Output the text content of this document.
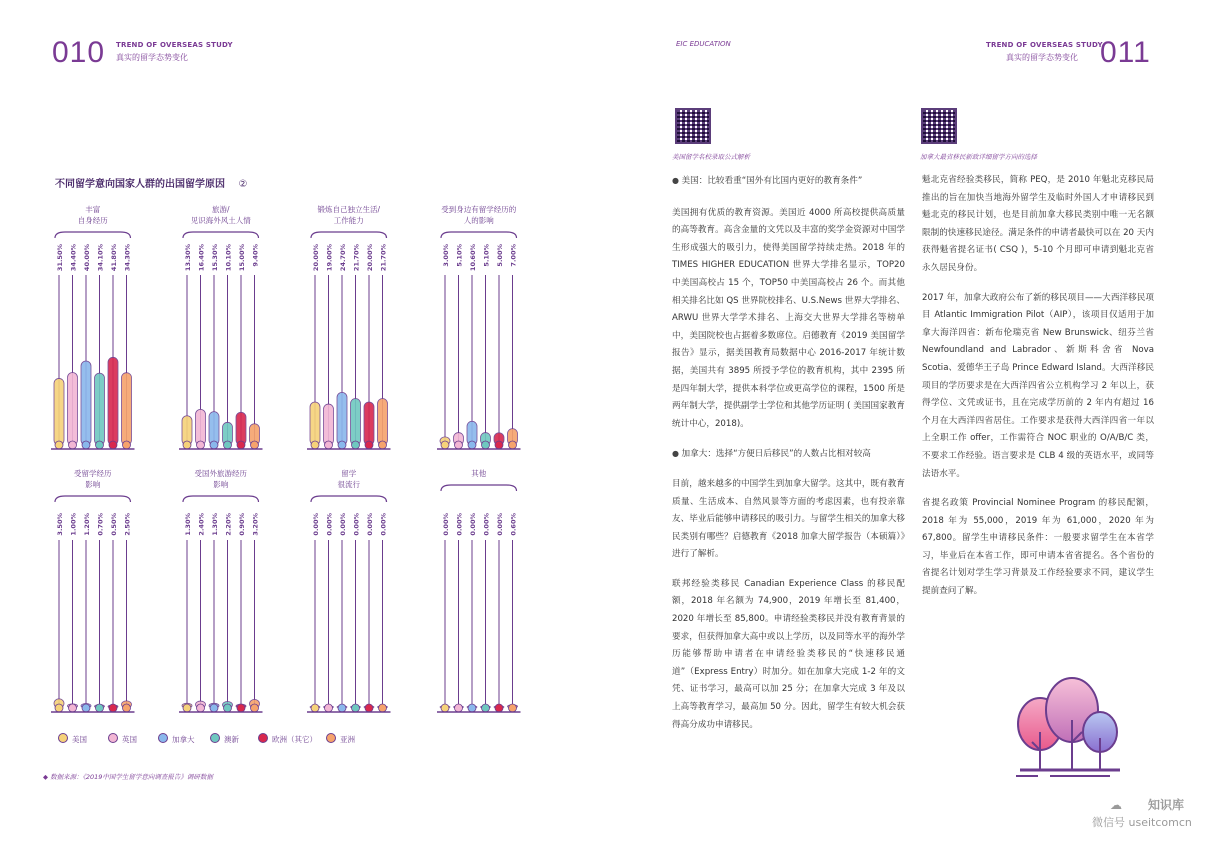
010 TREND OF OVERSEAS STUDY
真实的留学态势变化
EIC EDUCATION	TREND OF OVERSEAS STUDY
真实的留学态势变化 011
不同留学意向国家人群的出国留学原因 ②
丰富
自身经历
31.50% 34.40% 40.00% 34.10% 41.80% 34.30%
旅游/
见识海外风土人情
13.30% 16.40% 15.30% 10.10% 15.00% 9.40%
锻炼自己独立生活/
工作能力
20.00% 19.00% 24.70% 21.70% 20.00% 21.70%
受到身边有留学经历的
人的影响
3.00% 5.10% 10.60% 5.10% 5.00% 7.00%
受留学经历
影响
3.50% 1.00% 1.20% 0.70% 0.50% 2.50%
受国外旅游经历
影响
1.30% 2.40% 1.30% 2.20% 0.90% 3.20%
留学
很流行
0.00% 0.00% 0.00% 0.00% 0.00% 0.00%
其他
0.00% 0.00% 0.00% 0.00% 0.00% 0.60%
美国	英国	加拿大	澳新	欧洲（其它）	亚洲
◆ 数据来源：《2019中国学生留学意向调查报告》调研数据
美国留学名校录取公式解析	加拿大最省移民新政详细留学方向的选择

● 美国：比较看重“国外有比国内更好的教育条件”

美国拥有优质的教育资源。美国近 4000 所高校提供高质量的高等教育。高含金量的文凭以及丰富的奖学金资源对中国学生形成强大的吸引力，使得美国留学持续走热。2018 年的 TIMES HIGHER EDUCATION 世界大学排名显示，TOP20 中美国高校占 15 个，TOP50 中美国高校占 26 个。而其他相关排名比如 QS 世界院校排名、U.S.News 世界大学排名、ARWU 世界大学学术排名、上海交大世界大学排名等榜单中，美国院校也占据着多数席位。启德教育《2019 美国留学报告》显示，据美国教育局数据中心 2016-2017 年统计数据，美国共有 3895 所授予学位的教育机构，其中 2395 所是四年制大学，提供本科学位或更高学位的课程，1500 所是两年制大学，提供副学士学位和其他学历证明 ( 美国国家教育统计中心，2018)。

● 加拿大：选择“方便日后移民”的人数占比相对较高

目前，越来越多的中国学生到加拿大留学。这其中，既有教育质量、生活成本、自然风景等方面的考虑因素，也有投亲靠友、毕业后能够申请移民的吸引力。与留学生相关的加拿大移民类别有哪些？启德教育《2018 加拿大留学报告（本硕篇）》进行了解析。

联邦经验类移民 Canadian Experience Class 的移民配额，2018 年名额为 74,900，2019 年增长至 81,400，2020 年增长至 85,800。申请经验类移民并没有教育背景的要求，但获得加拿大高中或以上学历，以及同等水平的海外学历能够帮助申请者在申请经验类移民的“快速移民通道”（Express Entry）时加分。如在加拿大完成 1-2 年的文凭、证书学习，最高可以加 25 分；在加拿大完成 3 年及以上高等教育学习，最高加 50 分。因此，留学生有较大机会获得高分成功申请移民。

魁北克省经验类移民，简称 PEQ，是 2010 年魁北克移民局推出的旨在加快当地海外留学生及临时外国人才申请移民到魁北克的移民计划，也是目前加拿大移民类别中唯一无名额限制的快速移民途径。满足条件的申请者最快可以在 20 天内获得魁省提名证书( CSQ )，5-10 个月即可申请到魁北克省永久居民身份。

2017 年，加拿大政府公布了新的移民项目——大西洋移民项目 Atlantic Immigration Pilot（AIP），该项目仅适用于加拿大海洋四省：新布伦瑞克省 New Brunswick、纽芬兰省 Newfoundland and Labrador、新斯科舍省 Nova Scotia、爱德华王子岛 Prince Edward Island。大西洋移民项目的学历要求是在大西洋四省公立机构学习 2 年以上，获得学位、文凭或证书，且在完成学历前的 2 年内有超过 16 个月在大西洋四省居住。工作要求是获得大西洋四省一年以上全职工作 offer，工作需符合 NOC 职业的 O/A/B/C 类，不要求工作经验。语言要求是 CLB 4 级的英语水平，或同等法语水平。

省提名政策 Provincial Nominee Program 的移民配额，2018 年为 55,000，2019 年为 61,000，2020 年为 67,800。留学生申请移民条件：一般要求留学生在本省学习，毕业后在本省工作，即可申请本省省提名。各个省份的省提名计划对学生学习背景及工作经验要求不同，建议学生提前查问了解。

☁ 知识库
微信号 useitcomcn
